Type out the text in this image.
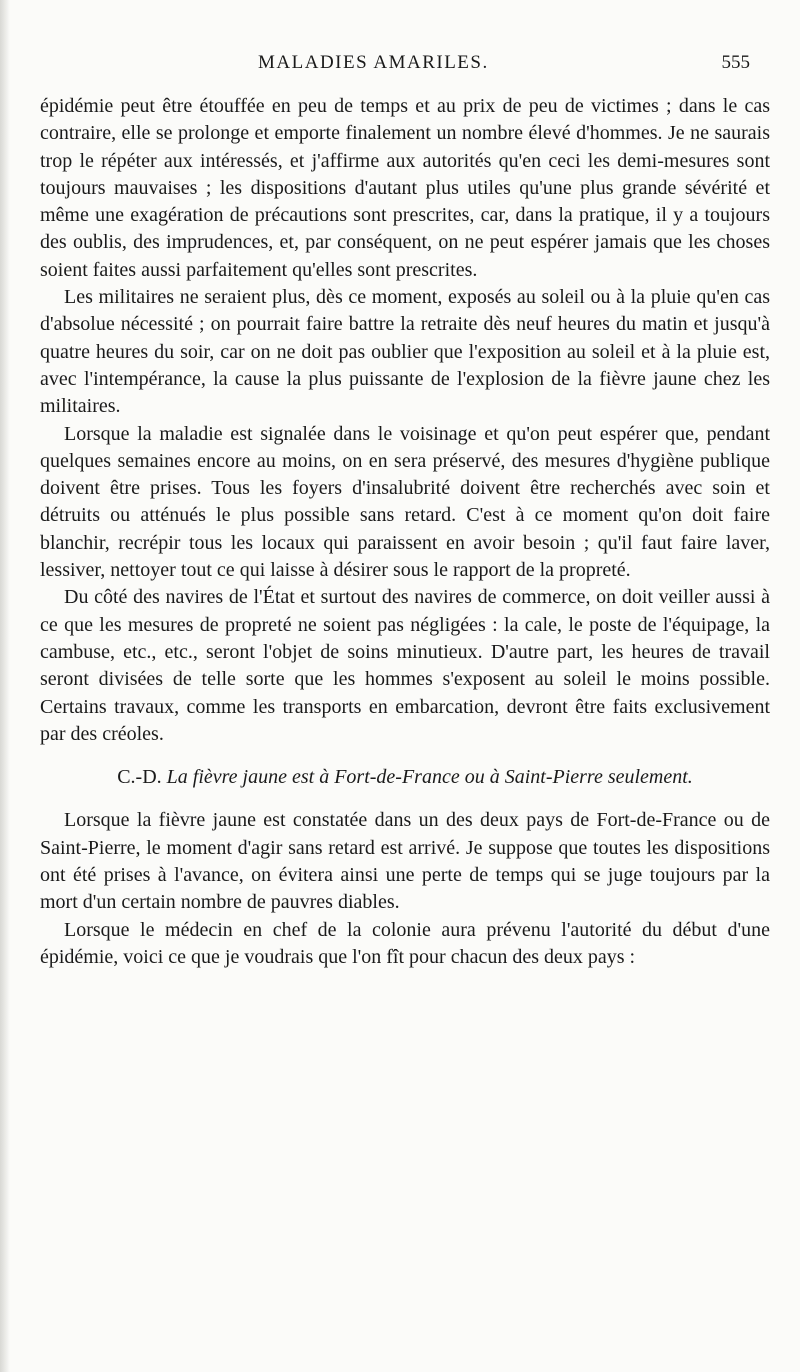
MALADIES AMARILES.	555

épidémie peut être étouffée en peu de temps et au prix de peu de victimes ; dans le cas contraire, elle se prolonge et emporte finalement un nombre élevé d'hommes. Je ne saurais trop le répéter aux intéressés, et j'affirme aux autorités qu'en ceci les demi-mesures sont toujours mauvaises ; les dispositions d'autant plus utiles qu'une plus grande sévérité et même une exagération de précautions sont prescrites, car, dans la pratique, il y a toujours des oublis, des imprudences, et, par conséquent, on ne peut espérer jamais que les choses soient faites aussi parfaitement qu'elles sont prescrites.

Les militaires ne seraient plus, dès ce moment, exposés au soleil ou à la pluie qu'en cas d'absolue nécessité ; on pourrait faire battre la retraite dès neuf heures du matin et jusqu'à quatre heures du soir, car on ne doit pas oublier que l'exposition au soleil et à la pluie est, avec l'intempérance, la cause la plus puissante de l'explosion de la fièvre jaune chez les militaires.

Lorsque la maladie est signalée dans le voisinage et qu'on peut espérer que, pendant quelques semaines encore au moins, on en sera préservé, des mesures d'hygiène publique doivent être prises. Tous les foyers d'insalubrité doivent être recherchés avec soin et détruits ou atténués le plus possible sans retard. C'est à ce moment qu'on doit faire blanchir, recrépir tous les locaux qui paraissent en avoir besoin ; qu'il faut faire laver, lessiver, nettoyer tout ce qui laisse à désirer sous le rapport de la propreté.

Du côté des navires de l'État et surtout des navires de commerce, on doit veiller aussi à ce que les mesures de propreté ne soient pas négligées : la cale, le poste de l'équipage, la cambuse, etc., etc., seront l'objet de soins minutieux. D'autre part, les heures de travail seront divisées de telle sorte que les hommes s'exposent au soleil le moins possible. Certains travaux, comme les transports en embarcation, devront être faits exclusivement par des créoles.

C.-D. La fièvre jaune est à Fort-de-France ou à Saint-Pierre seulement.

Lorsque la fièvre jaune est constatée dans un des deux pays de Fort-de-France ou de Saint-Pierre, le moment d'agir sans retard est arrivé. Je suppose que toutes les dispositions ont été prises à l'avance, on évitera ainsi une perte de temps qui se juge toujours par la mort d'un certain nombre de pauvres diables.

Lorsque le médecin en chef de la colonie aura prévenu l'autorité du début d'une épidémie, voici ce que je voudrais que l'on fît pour chacun des deux pays :
